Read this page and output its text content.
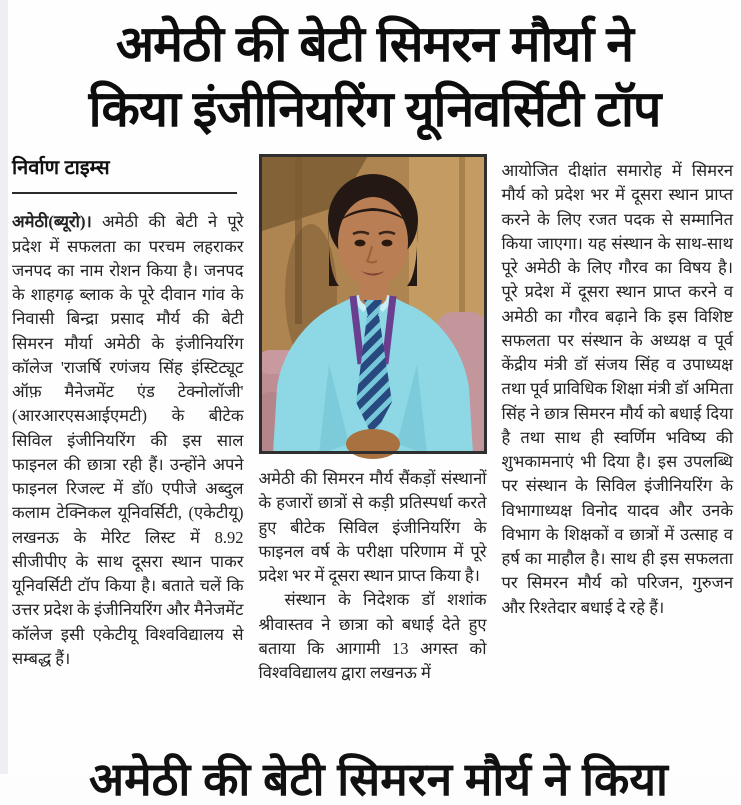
अमेठी की बेटी सिमरन मौर्या ने
किया इंजीनियरिंग यूनिवर्सिटी टॉप
निर्वाण टाइम्स

अमेठी(ब्यूरो)। अमेठी की बेटी ने पूरे प्रदेश में सफलता का परचम लहराकर जनपद का नाम रोशन किया है। जनपद के शाहगढ़ ब्लाक के पूरे दीवान गांव के निवासी बिन्द्रा प्रसाद मौर्य की बेटी सिमरन मौर्या अमेठी के इंजीनियरिंग कॉलेज 'राजर्षि रणंजय सिंह इंस्टिट्यूट ऑफ़ मैनेजमेंट एंड टेक्नोलॉजी' (आरआरएसआईएमटी) के बीटेक सिविल इंजीनियरिंग की इस साल फाइनल की छात्रा रही हैं। उन्होंने अपने फाइनल रिजल्ट में डॉ0 एपीजे अब्दुल कलाम टेक्निकल यूनिवर्सिटी, (एकेटीयू) लखनऊ के मेरिट लिस्ट में 8.92 सीजीपीए के साथ दूसरा स्थान पाकर यूनिवर्सिटी टॉप किया है। बताते चलें कि उत्तर प्रदेश के इंजीनियरिंग और मैनेजमेंट कॉलेज इसी एकेटीयू विश्वविद्यालय से सम्बद्ध हैं।

अमेठी की सिमरन मौर्य सैंकड़ों संस्थानों के हजारों छात्रों से कड़ी प्रतिस्पर्धा करते हुए बीटेक सिविल इंजीनियरिंग के फाइनल वर्ष के परीक्षा परिणाम में पूरे प्रदेश भर में दूसरा स्थान प्राप्त किया है।

संस्थान के निदेशक डॉ शशांक श्रीवास्तव ने छात्रा को बधाई देते हुए बताया कि आगामी 13 अगस्त को विश्वविद्यालय द्वारा लखनऊ में

आयोजित दीक्षांत समारोह में सिमरन मौर्य को प्रदेश भर में दूसरा स्थान प्राप्त करने के लिए रजत पदक से सम्मानित किया जाएगा। यह संस्थान के साथ-साथ पूरे अमेठी के लिए गौरव का विषय है। पूरे प्रदेश में दूसरा स्थान प्राप्त करने व अमेठी का गौरव बढ़ाने कि इस विशिष्ट सफलता पर संस्थान के अध्यक्ष व पूर्व केंद्रीय मंत्री डॉ संजय सिंह व उपाध्यक्ष तथा पूर्व प्राविधिक शिक्षा मंत्री डॉ अमिता सिंह ने छात्र सिमरन मौर्य को बधाई दिया है तथा साथ ही स्वर्णिम भविष्य की शुभकामनाएं भी दिया है। इस उपलब्धि पर संस्थान के सिविल इंजीनियरिंग के विभागाध्यक्ष विनोद यादव और उनके विभाग के शिक्षकों व छात्रों में उत्साह व हर्ष का माहौल है। साथ ही इस सफलता पर सिमरन मौर्य को परिजन, गुरुजन और रिश्तेदार बधाई दे रहे हैं।

अमेठी की बेटी सिमरन मौर्य ने किया
